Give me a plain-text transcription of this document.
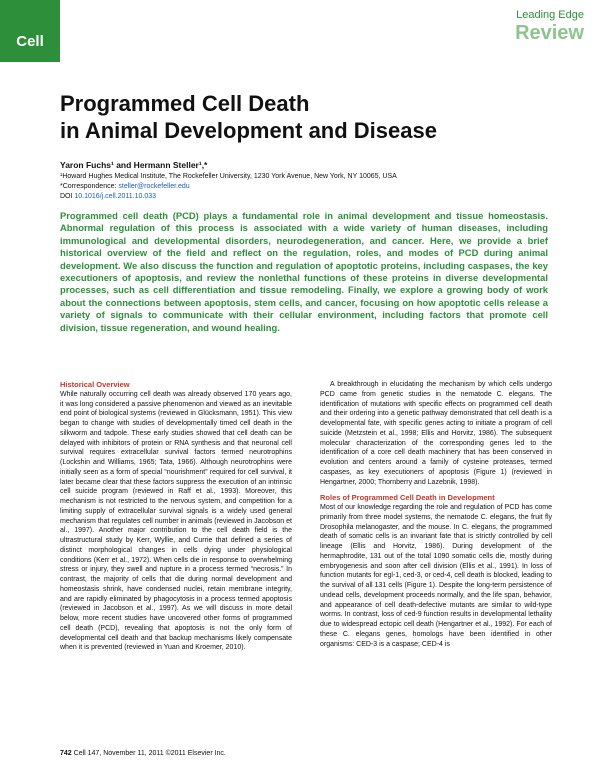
Cell
Leading Edge
Review
Programmed Cell Death
in Animal Development and Disease
Yaron Fuchs¹ and Hermann Steller¹,*
¹Howard Hughes Medical Institute, The Rockefeller University, 1230 York Avenue, New York, NY 10065, USA
*Correspondence: steller@rockefeller.edu
DOI 10.1016/j.cell.2011.10.033
Programmed cell death (PCD) plays a fundamental role in animal development and tissue homeostasis. Abnormal regulation of this process is associated with a wide variety of human diseases, including immunological and developmental disorders, neurodegeneration, and cancer. Here, we provide a brief historical overview of the field and reflect on the regulation, roles, and modes of PCD during animal development. We also discuss the function and regulation of apoptotic proteins, including caspases, the key executioners of apoptosis, and review the nonlethal functions of these proteins in diverse developmental processes, such as cell differentiation and tissue remodeling. Finally, we explore a growing body of work about the connections between apoptosis, stem cells, and cancer, focusing on how apoptotic cells release a variety of signals to communicate with their cellular environment, including factors that promote cell division, tissue regeneration, and wound healing.

Historical Overview

While naturally occurring cell death was already observed 170 years ago, it was long considered a passive phenomenon and viewed as an inevitable end point of biological systems (reviewed in Glücksmann, 1951). This view began to change with studies of developmentally timed cell death in the silkworm and tadpole. These early studies showed that cell death can be delayed with inhibitors of protein or RNA synthesis and that neuronal cell survival requires extracellular survival factors termed neurotrophins (Lockshin and Williams, 1965; Tata, 1966). Although neurotrophins were initially seen as a form of special “nourishment” required for cell survival, it later became clear that these factors suppress the execution of an intrinsic cell suicide program (reviewed in Raff et al., 1993). Moreover, this mechanism is not restricted to the nervous system, and competition for a limiting supply of extracellular survival signals is a widely used general mechanism that regulates cell number in animals (reviewed in Jacobson et al., 1997). Another major contribution to the cell death field is the ultrastructural study by Kerr, Wyllie, and Currie that defined a series of distinct morphological changes in cells dying under physiological conditions (Kerr et al., 1972). When cells die in response to overwhelming stress or injury, they swell and rupture in a process termed “necrosis.” In contrast, the majority of cells that die during normal development and homeostasis shrink, have condensed nuclei, retain membrane integrity, and are rapidly eliminated by phagocytosis in a process termed apoptosis (reviewed in Jacobson et al., 1997). As we will discuss in more detail below, more recent studies have uncovered other forms of programmed cell death (PCD), revealing that apoptosis is not the only form of developmental cell death and that backup mechanisms likely compensate when it is prevented (reviewed in Yuan and Kroemer, 2010).

A breakthrough in elucidating the mechanism by which cells undergo PCD came from genetic studies in the nematode C. elegans. The identification of mutations with specific effects on programmed cell death and their ordering into a genetic pathway demonstrated that cell death is a developmental fate, with specific genes acting to initiate a program of cell suicide (Metzstein et al., 1998; Ellis and Horvitz, 1986). The subsequent molecular characterization of the corresponding genes led to the identification of a core cell death machinery that has been conserved in evolution and centers around a family of cysteine proteases, termed caspases, as key executioners of apoptosis (Figure 1) (reviewed in Hengartner, 2000; Thornberry and Lazebnik, 1998).

Roles of Programmed Cell Death in Development

Most of our knowledge regarding the role and regulation of PCD has come primarily from three model systems, the nematode C. elegans, the fruit fly Drosophila melanogaster, and the mouse. In C. elegans, the programmed death of somatic cells is an invariant fate that is strictly controlled by cell lineage (Ellis and Horvitz, 1986). During development of the hermaphrodite, 131 out of the total 1090 somatic cells die, mostly during embryogenesis and soon after cell division (Ellis et al., 1991). In loss of function mutants for egl-1, ced-3, or ced-4, cell death is blocked, leading to the survival of all 131 cells (Figure 1). Despite the long-term persistence of undead cells, development proceeds normally, and the life span, behavior, and appearance of cell death-defective mutants are similar to wild-type worms. In contrast, loss of ced-9 function results in developmental lethality due to widespread ectopic cell death (Hengartner et al., 1992). For each of these C. elegans genes, homologs have been identified in other organisms: CED-3 is a caspase; CED-4 is

742 Cell 147, November 11, 2011 ©2011 Elsevier Inc.
